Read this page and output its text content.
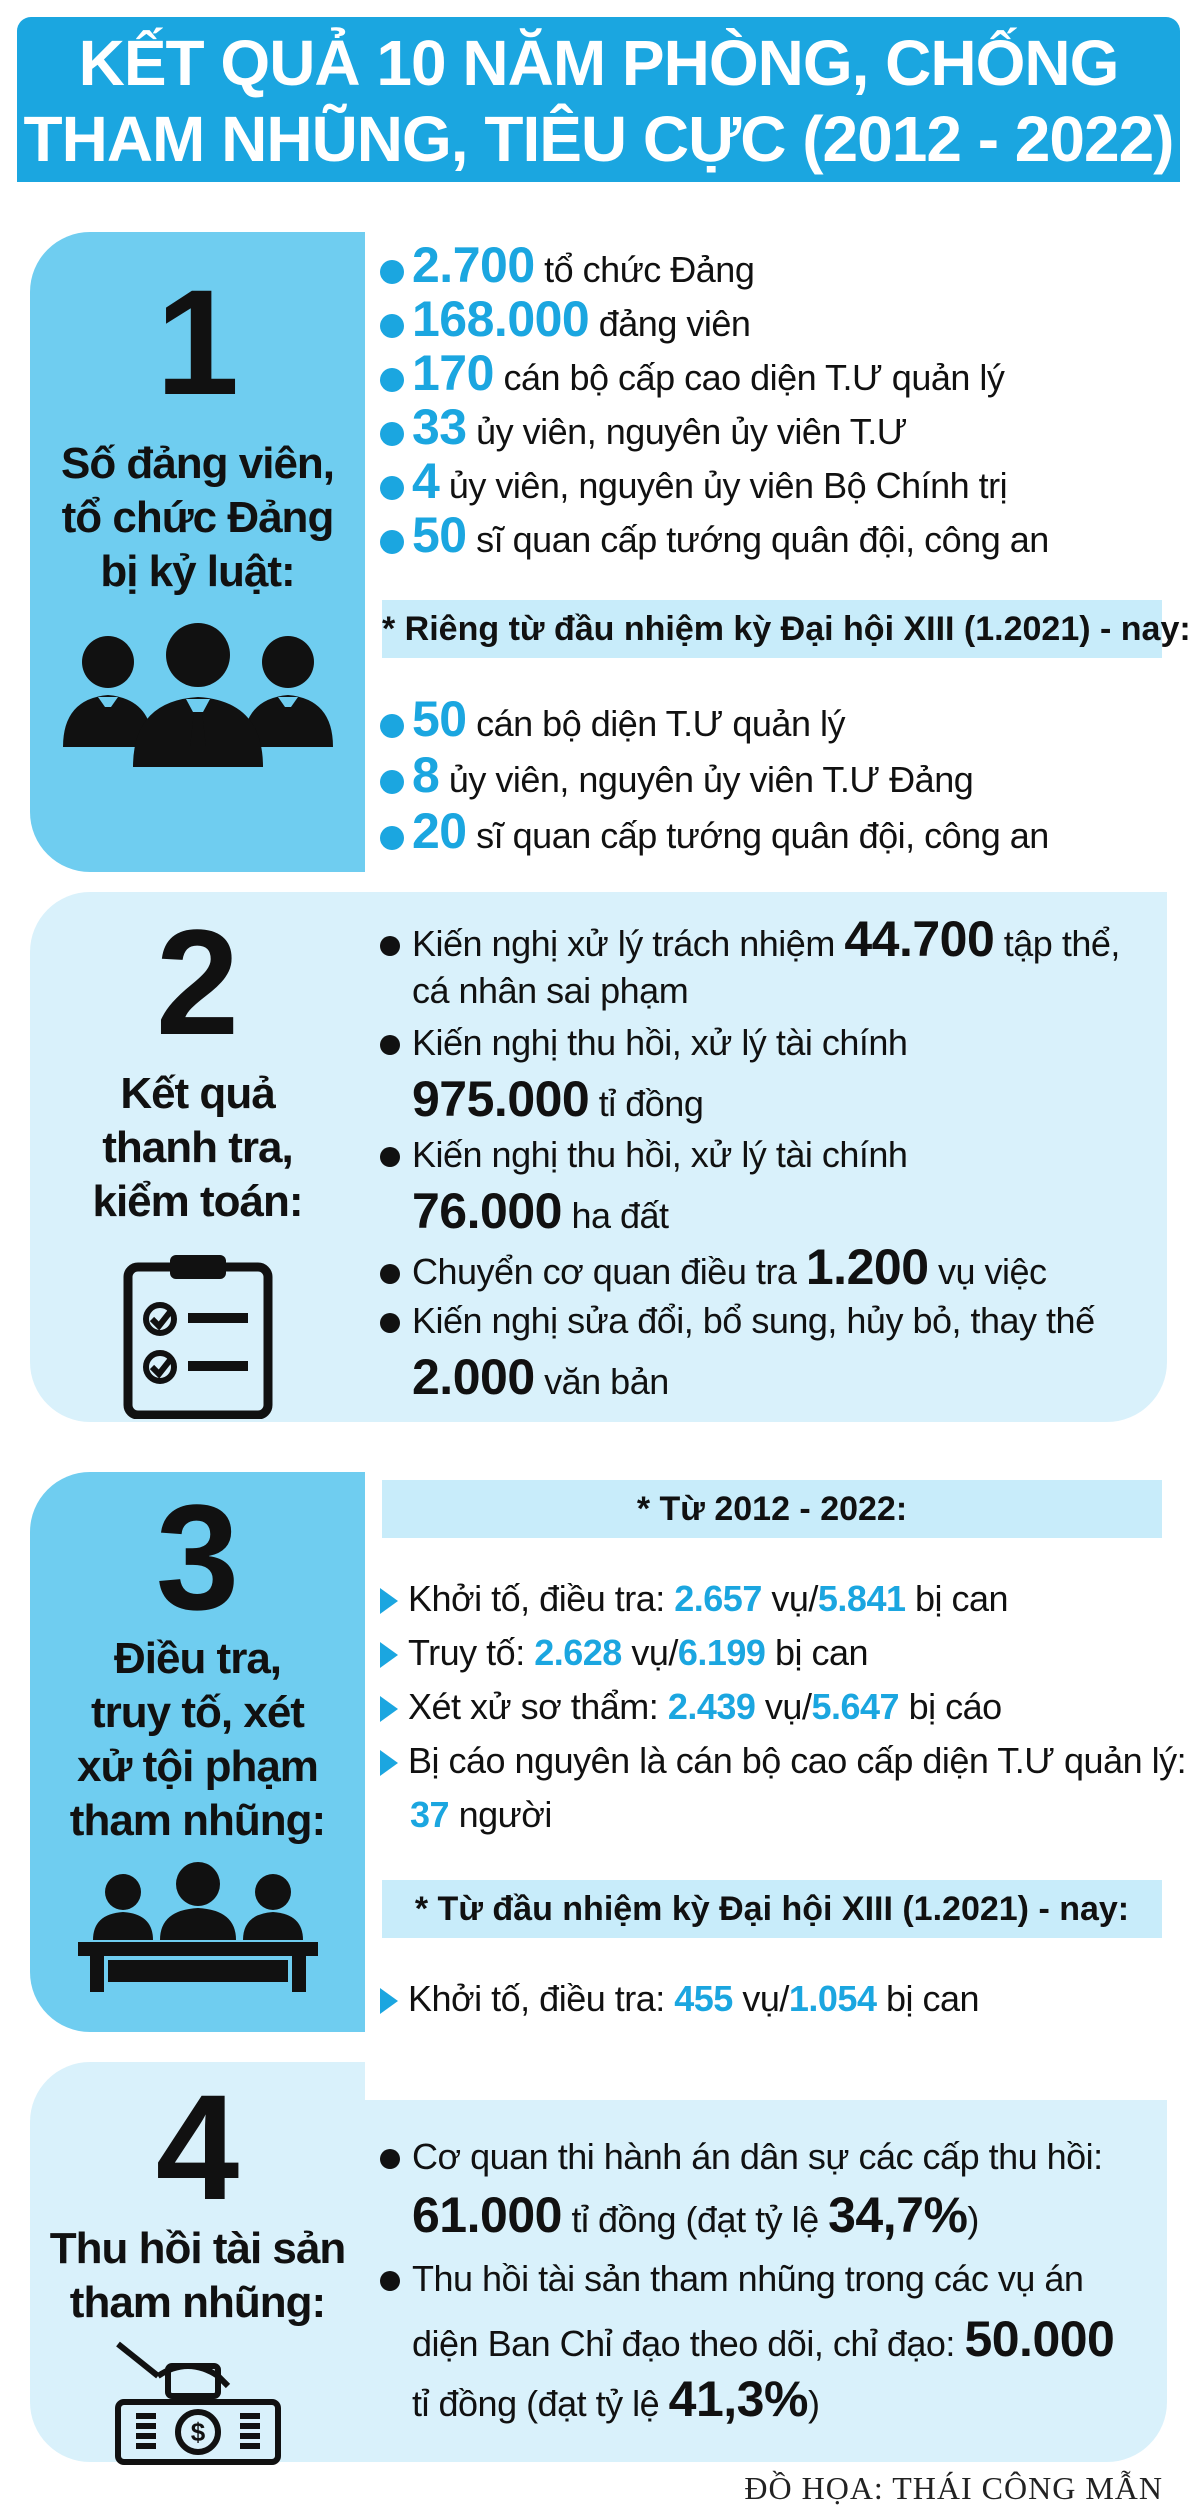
KẾT QUẢ 10 NĂM PHÒNG, CHỐNG
THAM NHŨNG, TIÊU CỰC (2012 - 2022)
1
Số đảng viên,
tổ chức Đảng
bị kỷ luật:
2.700 tổ chức Đảng
168.000 đảng viên
170 cán bộ cấp cao diện T.Ư quản lý
33 ủy viên, nguyên ủy viên T.Ư
4 ủy viên, nguyên ủy viên Bộ Chính trị
50 sĩ quan cấp tướng quân đội, công an
* Riêng từ đầu nhiệm kỳ Đại hội XIII (1.2021) - nay:
50 cán bộ diện T.Ư quản lý
8 ủy viên, nguyên ủy viên T.Ư Đảng
20 sĩ quan cấp tướng quân đội, công an
2
Kết quả
thanh tra,
kiểm toán:
Kiến nghị xử lý trách nhiệm 44.700 tập thể,
cá nhân sai phạm
Kiến nghị thu hồi, xử lý tài chính
975.000 tỉ đồng
Kiến nghị thu hồi, xử lý tài chính
76.000 ha đất
Chuyển cơ quan điều tra 1.200 vụ việc
Kiến nghị sửa đổi, bổ sung, hủy bỏ, thay thế
2.000 văn bản
3
Điều tra,
truy tố, xét
xử tội phạm
tham nhũng:
* Từ 2012 - 2022:
Khởi tố, điều tra: 2.657 vụ/5.841 bị can
Truy tố: 2.628 vụ/6.199 bị can
Xét xử sơ thẩm: 2.439 vụ/5.647 bị cáo
Bị cáo nguyên là cán bộ cao cấp diện T.Ư quản lý:
37 người
* Từ đầu nhiệm kỳ Đại hội XIII (1.2021) - nay:
Khởi tố, điều tra: 455 vụ/1.054 bị can
4
Thu hồi tài sản
tham nhũng:
$
Cơ quan thi hành án dân sự các cấp thu hồi:
61.000 tỉ đồng (đạt tỷ lệ 34,7%)
Thu hồi tài sản tham nhũng trong các vụ án
diện Ban Chỉ đạo theo dõi, chỉ đạo: 50.000
tỉ đồng (đạt tỷ lệ 41,3%)
ĐỒ HỌA: THÁI CÔNG MẪN
